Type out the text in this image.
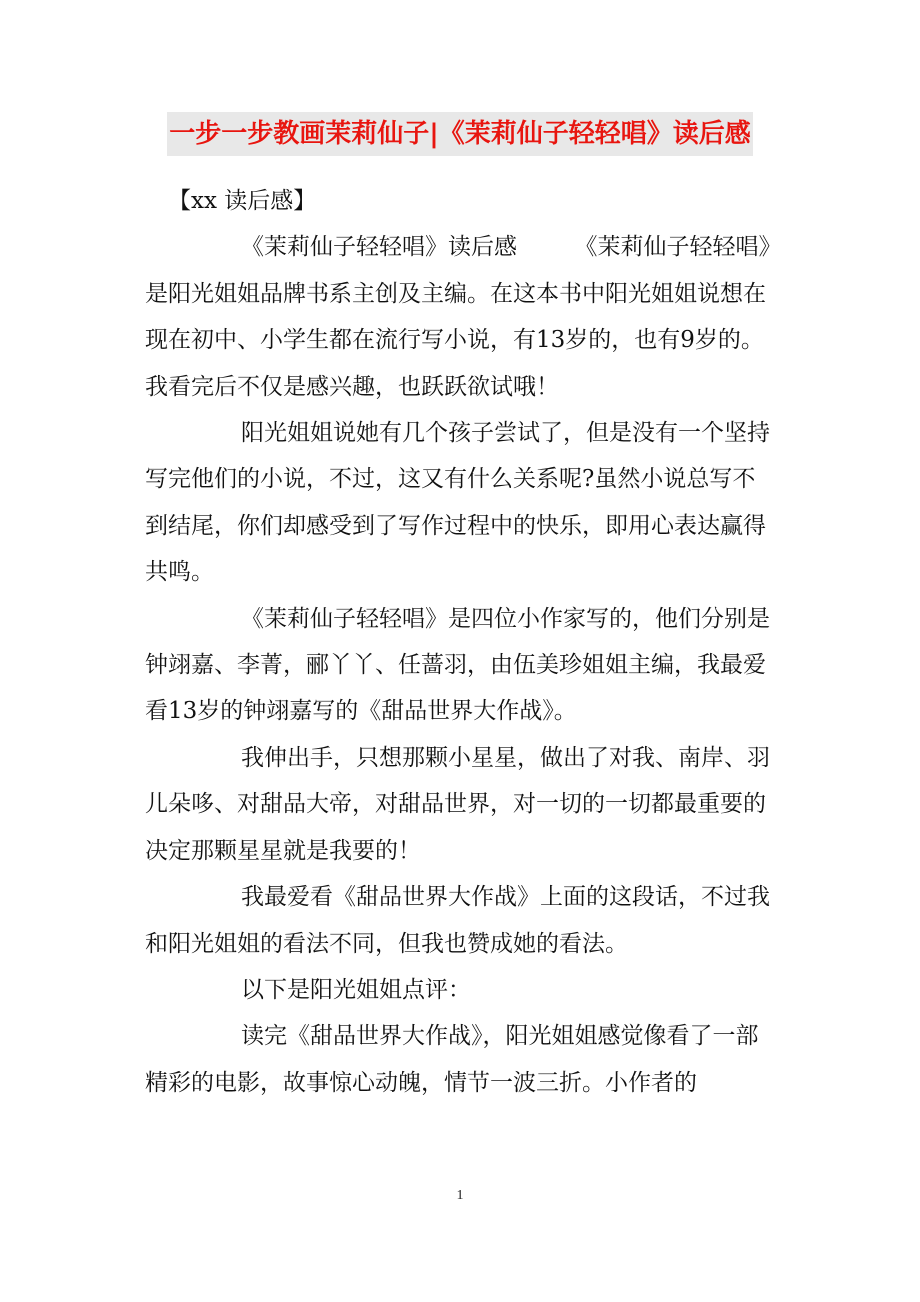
一步一步教画茉莉仙子|《茉莉仙子轻轻唱》读后感

【xx 读后感】

《茉莉仙子轻轻唱》读后感　　　《茉莉仙子轻轻唱》是阳光姐姐品牌书系主创及主编。在这本书中阳光姐姐说想在现在初中、小学生都在流行写小说，有13岁的，也有9岁的。我看完后不仅是感兴趣，也跃跃欲试哦！

阳光姐姐说她有几个孩子尝试了，但是没有一个坚持写完他们的小说，不过，这又有什么关系呢?虽然小说总写不到结尾，你们却感受到了写作过程中的快乐，即用心表达赢得共鸣。

《茉莉仙子轻轻唱》是四位小作家写的，他们分别是钟翊嘉、李菁，郦丫丫、任蔷羽，由伍美珍姐姐主编，我最爱看13岁的钟翊嘉写的《甜品世界大作战》。

我伸出手，只想那颗小星星，做出了对我、南岸、羽儿朵哆、对甜品大帝，对甜品世界，对一切的一切都最重要的决定那颗星星就是我要的！

我最爱看《甜品世界大作战》上面的这段话，不过我和阳光姐姐的看法不同，但我也赞成她的看法。

以下是阳光姐姐点评：

读完《甜品世界大作战》，阳光姐姐感觉像看了一部精彩的电影，故事惊心动魄，情节一波三折。小作者的

1
